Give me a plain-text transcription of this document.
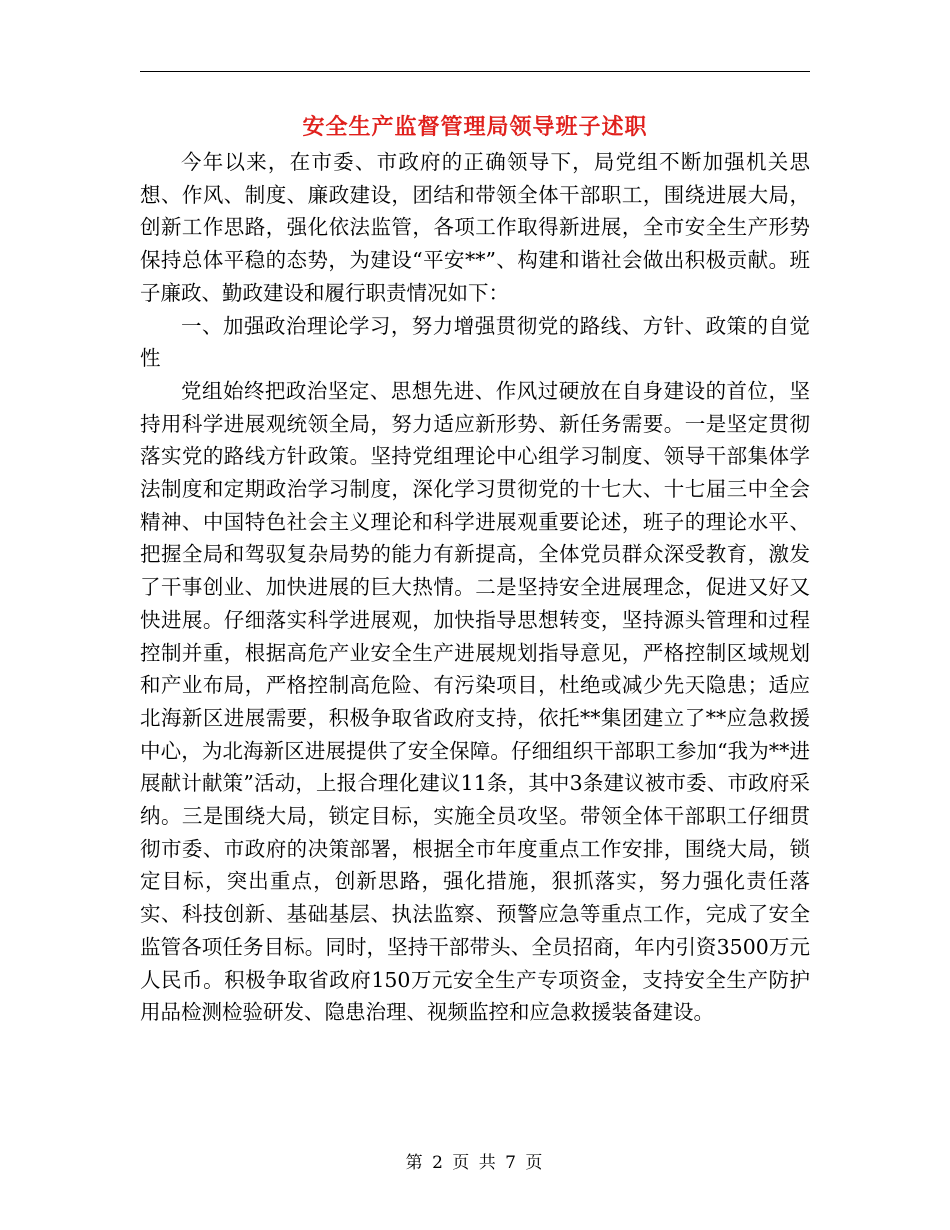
安全生产监督管理局领导班子述职

今年以来，在市委、市政府的正确领导下，局党组不断加强机关思想、作风、制度、廉政建设，团结和带领全体干部职工，围绕进展大局，创新工作思路，强化依法监管，各项工作取得新进展，全市安全生产形势保持总体平稳的态势，为建设“平安**”、构建和谐社会做出积极贡献。班子廉政、勤政建设和履行职责情况如下：

一、加强政治理论学习，努力增强贯彻党的路线、方针、政策的自觉性

党组始终把政治坚定、思想先进、作风过硬放在自身建设的首位，坚持用科学进展观统领全局，努力适应新形势、新任务需要。一是坚定贯彻落实党的路线方针政策。坚持党组理论中心组学习制度、领导干部集体学法制度和定期政治学习制度，深化学习贯彻党的十七大、十七届三中全会精神、中国特色社会主义理论和科学进展观重要论述，班子的理论水平、把握全局和驾驭复杂局势的能力有新提高，全体党员群众深受教育，激发了干事创业、加快进展的巨大热情。二是坚持安全进展理念，促进又好又快进展。仔细落实科学进展观，加快指导思想转变，坚持源头管理和过程控制并重，根据高危产业安全生产进展规划指导意见，严格控制区域规划和产业布局，严格控制高危险、有污染项目，杜绝或减少先天隐患；适应北海新区进展需要，积极争取省政府支持，依托**集团建立了**应急救援中心，为北海新区进展提供了安全保障。仔细组织干部职工参加“我为**进展献计献策”活动，上报合理化建议11条，其中3条建议被市委、市政府采纳。三是围绕大局，锁定目标，实施全员攻坚。带领全体干部职工仔细贯彻市委、市政府的决策部署，根据全市年度重点工作安排，围绕大局，锁定目标，突出重点，创新思路，强化措施，狠抓落实，努力强化责任落实、科技创新、基础基层、执法监察、预警应急等重点工作，完成了安全监管各项任务目标。同时，坚持干部带头、全员招商，年内引资3500万元人民币。积极争取省政府150万元安全生产专项资金，支持安全生产防护用品检测检验研发、隐患治理、视频监控和应急救援装备建设。

第 2 页 共 7 页
